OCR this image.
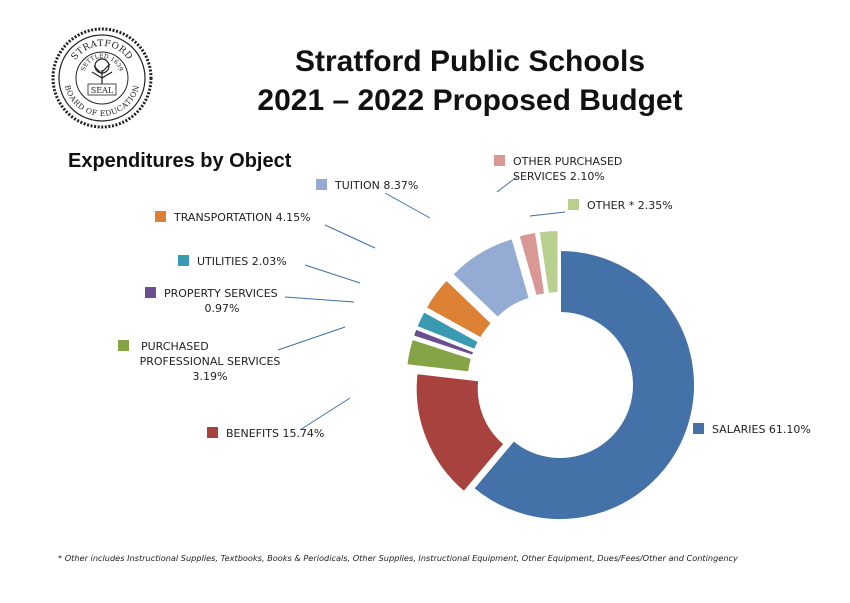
Stratford Public Schools
2021 – 2022 Proposed Budget
Expenditures by Object
STRATFORD
BOARD OF EDUCATION
SETTLED 1639
SEAL
SALARIES 61.10%
BENEFITS 15.74%
PURCHASED
PROFESSIONAL SERVICES
3.19%
PROPERTY SERVICES
0.97%
UTILITIES 2.03%
TRANSPORTATION 4.15%
TUITION 8.37%
OTHER PURCHASED
SERVICES 2.10%
OTHER * 2.35%
* Other includes Instructional Supplies, Textbooks, Books & Periodicals, Other Supplies, Instructional Equipment, Other Equipment, Dues/Fees/Other and Contingency
